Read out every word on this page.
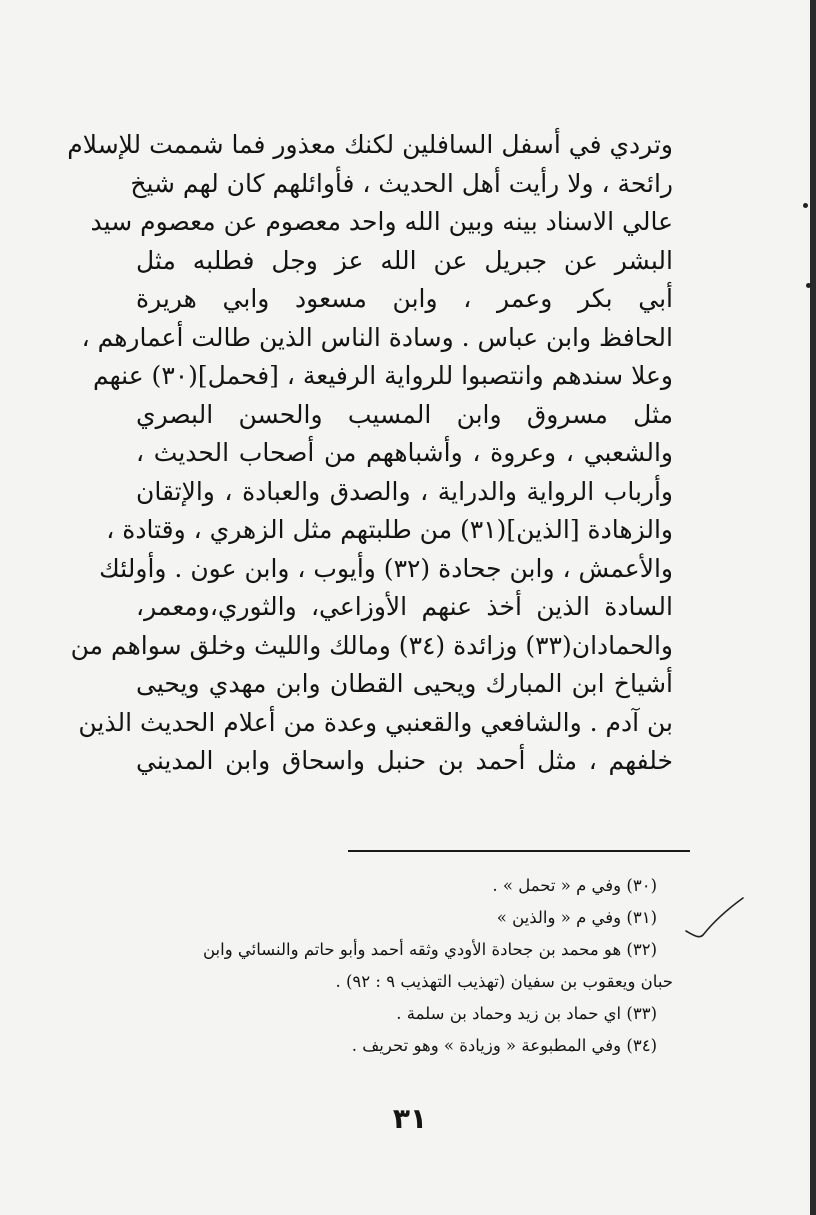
وتردي في أسفل السافلين لكنك معذور فما شممت للإسلام
رائحة ، ولا رأيت أهل الحديث ، فأوائلهم كان لهم شيخ
عالي الاسناد بينه وبين الله واحد معصوم عن معصوم سيد
البشر عن جبريل عن الله عز وجل فطلبه مثل
أبي بكر وعمر ، وابن مسعود وابي هريرة
الحافظ وابن عباس . وسادة الناس الذين طالت أعمارهم ،
وعلا سندهم وانتصبوا للرواية الرفيعة ، [فحمل](٣٠) عنهم
مثل مسروق وابن المسيب والحسن البصري
والشعبي ، وعروة ، وأشباههم من أصحاب الحديث ،
وأرباب الرواية والدراية ، والصدق والعبادة ، والإتقان
والزهادة [الذين](٣١) من طلبتهم مثل الزهري ، وقتادة ،
والأعمش ، وابن جحادة (٣٢) وأيوب ، وابن عون . وأولئك
السادة الذين أخذ عنهم الأوزاعي، والثوري،ومعمر،
والحمادان(٣٣) وزائدة (٣٤) ومالك والليث وخلق سواهم من
أشياخ ابن المبارك ويحيى القطان وابن مهدي ويحيى
بن آدم . والشافعي والقعنبي وعدة من أعلام الحديث الذين
خلفهم ، مثل أحمد بن حنبل واسحاق وابن المديني
(٣٠) وفي م « تحمل » .
(٣١) وفي م « والذين »
(٣٢) هو محمد بن جحادة الأودي وثقه أحمد وأبو حاتم والنسائي وابن
حبان ويعقوب بن سفيان (تهذيب التهذيب ٩ : ٩٢) .
(٣٣) اي حماد بن زيد وحماد بن سلمة .
(٣٤) وفي المطبوعة « وزيادة » وهو تحريف .
٣١
